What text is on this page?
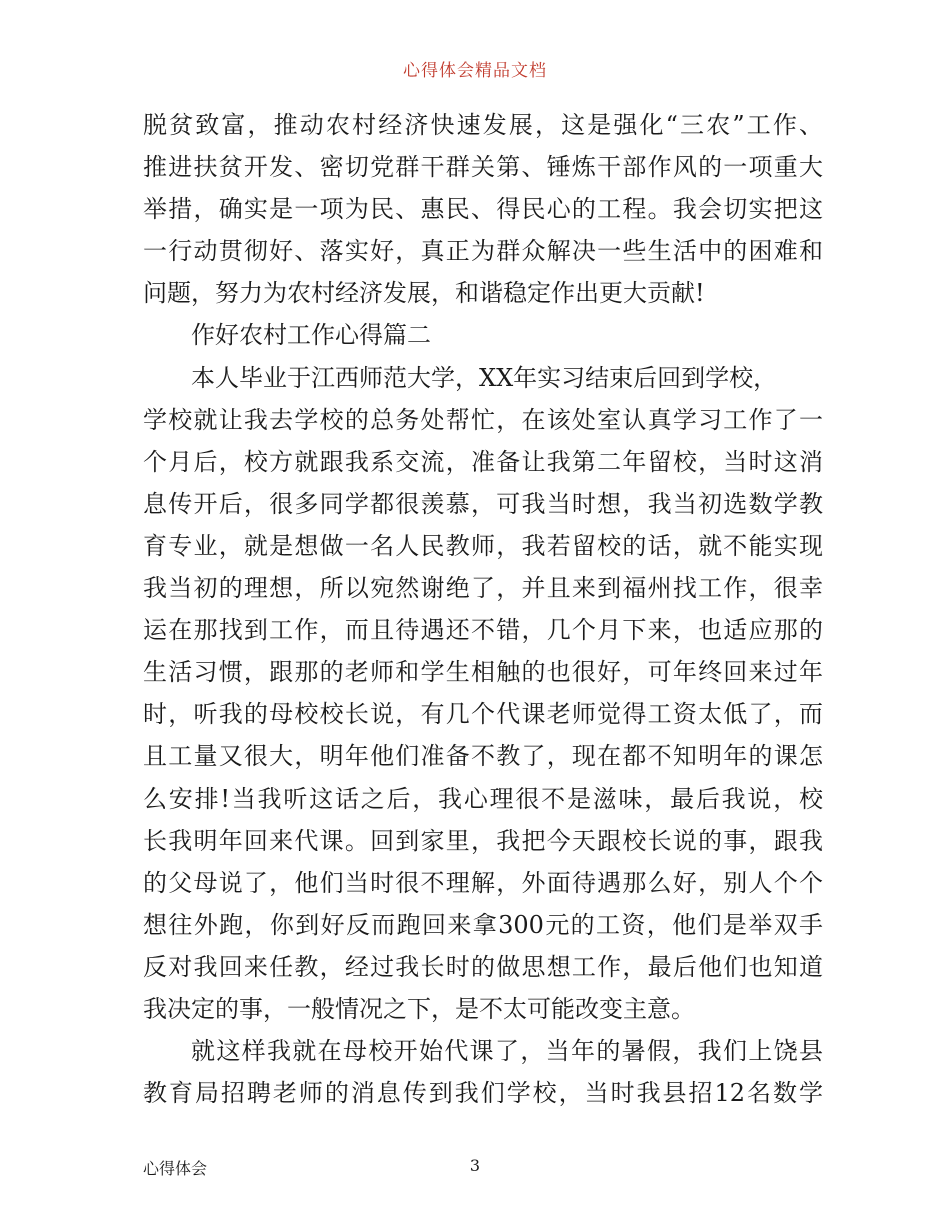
心得体会精品文档
脱贫致富，推动农村经济快速发展，这是强化“三农”工作、
推进扶贫开发、密切党群干群关第、锤炼干部作风的一项重大
举措，确实是一项为民、惠民、得民心的工程。我会切实把这
一行动贯彻好、落实好，真正为群众解决一些生活中的困难和
问题，努力为农村经济发展，和谐稳定作出更大贡献!
作好农村工作心得篇二
本人毕业于江西师范大学，XX年实习结束后回到学校，
学校就让我去学校的总务处帮忙，在该处室认真学习工作了一
个月后，校方就跟我系交流，准备让我第二年留校，当时这消
息传开后，很多同学都很羡慕，可我当时想，我当初选数学教
育专业，就是想做一名人民教师，我若留校的话，就不能实现
我当初的理想，所以宛然谢绝了，并且来到福州找工作，很幸
运在那找到工作，而且待遇还不错，几个月下来，也适应那的
生活习惯，跟那的老师和学生相触的也很好，可年终回来过年
时，听我的母校校长说，有几个代课老师觉得工资太低了，而
且工量又很大，明年他们准备不教了，现在都不知明年的课怎
么安排!当我听这话之后，我心理很不是滋味，最后我说，校
长我明年回来代课。回到家里，我把今天跟校长说的事，跟我
的父母说了，他们当时很不理解，外面待遇那么好，别人个个
想往外跑，你到好反而跑回来拿300元的工资，他们是举双手
反对我回来任教，经过我长时的做思想工作，最后他们也知道
我决定的事，一般情况之下，是不太可能改变主意。
就这样我就在母校开始代课了，当年的暑假，我们上饶县
教育局招聘老师的消息传到我们学校，当时我县招12名数学
心得体会	3
